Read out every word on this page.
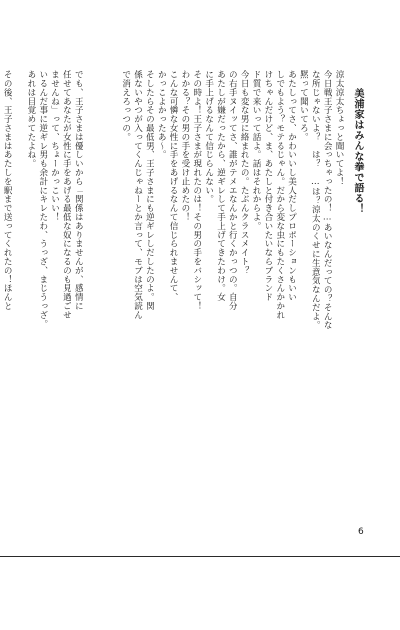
美浦家はみんな拳で語る！
涼太涼太ちょっと聞いてよ！
今日戦王子さまに会っちゃったの！…あいなんだっての？そんな
な所じゃないよ？　は？　…は？涼太のくせに生意気なんだよ。
黙って聞いてろ。
あたしってさ、かわいいし美人だしプロポーションもいい
しでもよう？モテるじゃん。だから変な虫にもたくさんかかれ
けちゃんだけど、ま、あたしと付き合いたいならブランド
ド質で来いって話よ。話はそれからよ。
今日も変な男に絡まれたの。たぶんクラスメイト？
の右手ヌイッてさ、誰がテメエなんかと行くかっつの。自分
あたしが嫌だったから、逆ギレして手上げてきたわけ。女
に手上げるなんて信じらんない。
その時よ！王子さまが現れたのは！その男の手をバシッて！
わかる？その男の手を受け止めたの！
こんな可憐な女性に手をあげるなんて信じられませんて、
かっこよかったあ～。
そしたらその最低男、王子さまにも逆ギレしだしたのよ。関
係ないやつが入ってくんじゃねーとか言って、モブは空気読ん
で消えろっつの。
でも、王子さまは優しいから「関係はありませんが、感情に
任せてあなたが女性に手をあげる最低な奴になるのも見過ごせ
ませんね」って、ちょーかっこいい！
いるんだ事に逆ギレ男も余計にキレたわ、うっざ、まじうっざ。
あれは目覚めてたよね。
その後、王子さまはあたしを駅まで送ってくれたの！ほんと
6
